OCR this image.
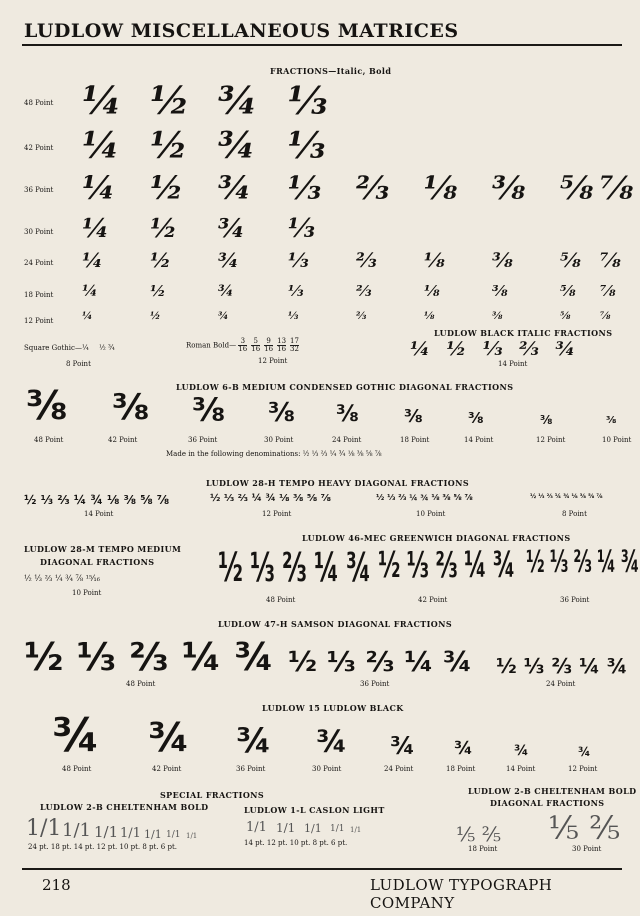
LUDLOW MISCELLANEOUS MATRICES
FRACTIONS—Italic, Bold
48 Point ¼ ½ ¾ ⅓
42 Point ¼ ½ ¾ ⅓
36 Point ¼ ½ ¾ ⅓ ⅔ ⅛ ⅜ ⅝ ⅞
30 Point ¼ ½ ¾ ⅓
24 Point ¼ ½ ¾ ⅓ ⅔ ⅛ ⅜ ⅝ ⅞
18 Point ¼	½	¾	⅓	⅔	⅛	⅜	⅝ ⅞
12 Point	¼	½	¾	⅓	⅔	⅛	⅜	⅝	⅞
Square Gothic—¼ ½ ¾
8 Point
Roman Bold— $\frac{3}{16} \frac{5}{16} \frac{9}{16} \frac{13}{16} \frac{17}{32}$
12 Point
LUDLOW BLACK ITALIC FRACTIONS
¼ ½ ⅓ ⅔ ¾
14 Point
LUDLOW 6-B MEDIUM CONDENSED GOTHIC DIAGONAL FRACTIONS
⅜
48 Point
⅜
42 Point
⅜
36 Point
⅜
30 Point
⅜
24 Point
⅜
18 Point
⅜
14 Point
⅜
12 Point
⅜
10 Point
Made in the following denominations: ½ ⅓ ⅔ ¼ ¾ ⅛ ⅜ ⅝ ⅞
LUDLOW 28-H TEMPO HEAVY DIAGONAL FRACTIONS
½ ⅓ ⅔ ¼ ¾ ⅛ ⅜ ⅝ ⅞
14 Point
½ ⅓ ⅔ ¼ ¾ ⅛ ⅜ ⅝ ⅞
12 Point
½ ⅓ ⅔ ¼ ¾ ⅛ ⅜ ⅝ ⅞
10 Point
½ ⅓ ⅔ ¼ ¾ ⅛ ⅜ ⅝ ⅞
8 Point
LUDLOW 28-M TEMPO MEDIUM
DIAGONAL FRACTIONS
½ ⅓ ⅔ ¼ ¾ ⅞ ¹⁵⁄₁₆
10 Point
LUDLOW 46-MEC GREENWICH DIAGONAL FRACTIONS
½ ⅓ ⅔ ¼ ¾
48 Point
½ ⅓ ⅔ ¼ ¾
42 Point
½ ⅓ ⅔ ¼ ¾
36 Point
LUDLOW 47-H SAMSON DIAGONAL FRACTIONS
½ ⅓ ⅔ ¼ ¾
48 Point
½ ⅓ ⅔ ¼ ¾
36 Point
½ ⅓ ⅔ ¼ ¾
24 Point
LUDLOW 15 LUDLOW BLACK
¾
48 Point
¾
42 Point
¾
36 Point
¾
30 Point
¾
24 Point
¾
18 Point
¾
14 Point
¾
12 Point
SPECIAL FRACTIONS
LUDLOW 2-B CHELTENHAM BOLD
1/1 1/1 1/1 1/1 1/1 1/1 1/1
24 pt. 18 pt. 14 pt. 12 pt. 10 pt. 8 pt. 6 pt.
LUDLOW 1-L CASLON LIGHT
1/1 1/1 1/1 1/1 1/1
14 pt. 12 pt. 10 pt. 8 pt. 6 pt.
LUDLOW 2-B CHELTENHAM BOLD
DIAGONAL FRACTIONS
⅕ ⅖
18 Point
⅕ ⅖
30 Point
218	LUDLOW TYPOGRAPH COMPANY
